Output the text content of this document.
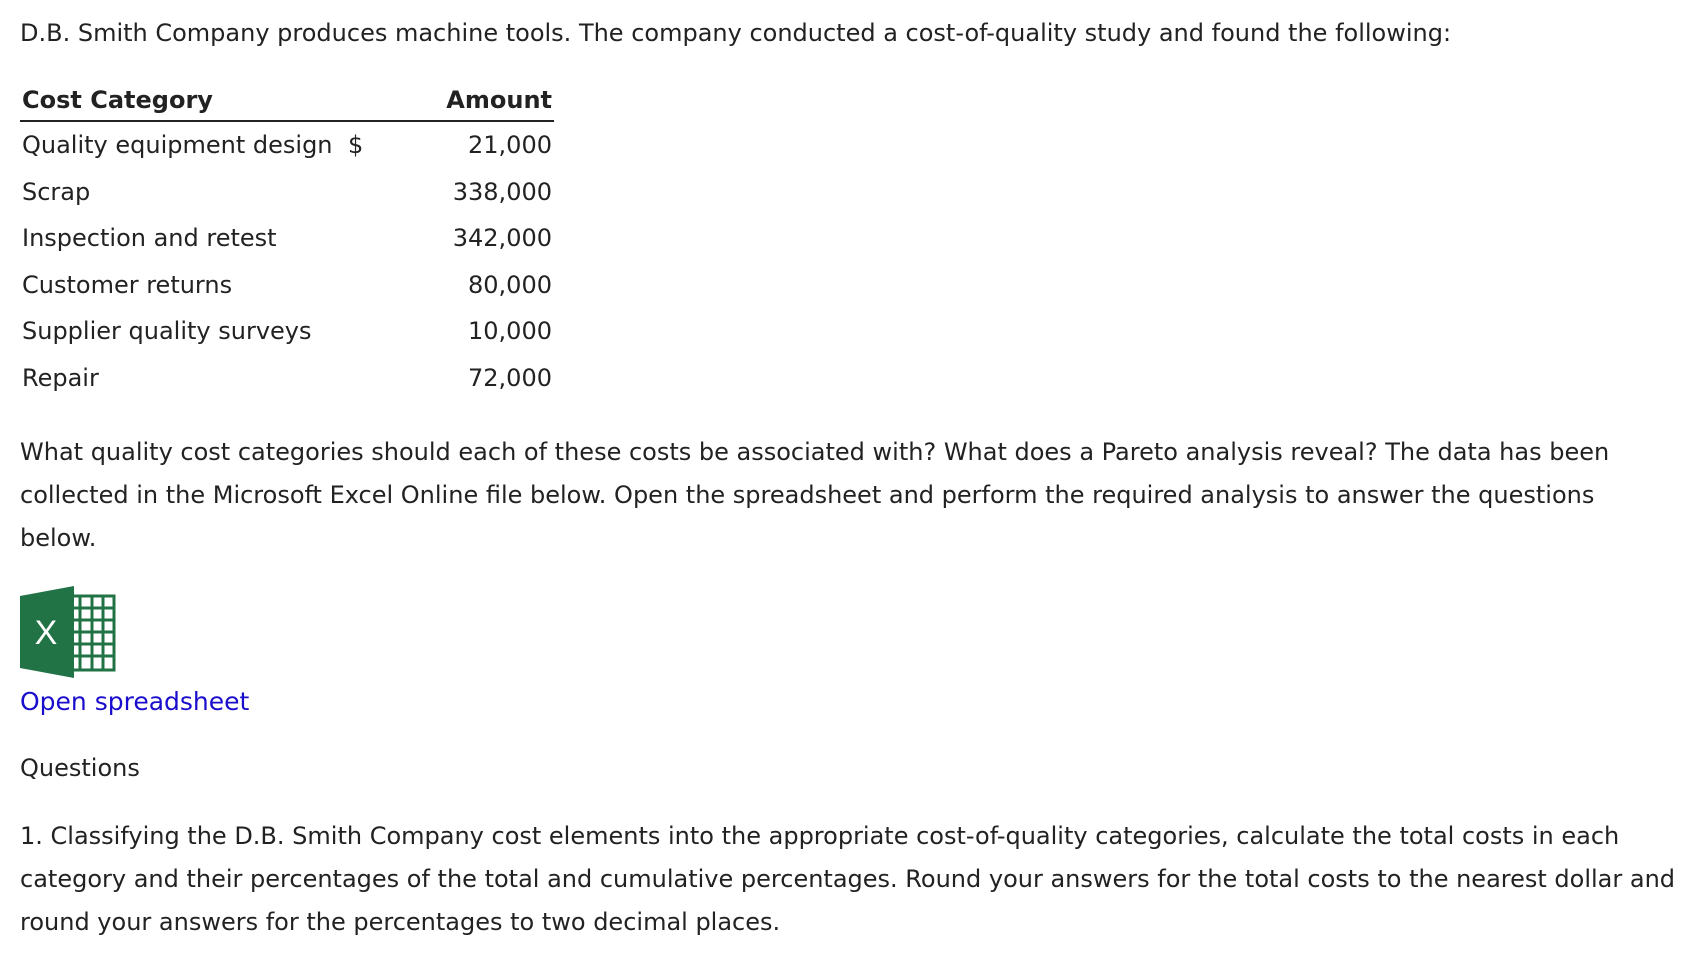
D.B. Smith Company produces machine tools. The company conducted a cost-of-quality study and found the following:

Cost Category	Amount
Quality equipment design	$ 21,000
Scrap	338,000
Inspection and retest	342,000
Customer returns	80,000
Supplier quality surveys	10,000
Repair	72,000

What quality cost categories should each of these costs be associated with? What does a Pareto analysis reveal? The data has been collected in the Microsoft Excel Online file below. Open the spreadsheet and perform the required analysis to answer the questions below.

X
Open spreadsheet

Questions

1. Classifying the D.B. Smith Company cost elements into the appropriate cost-of-quality categories, calculate the total costs in each category and their percentages of the total and cumulative percentages. Round your answers for the total costs to the nearest dollar and round your answers for the percentages to two decimal places.
